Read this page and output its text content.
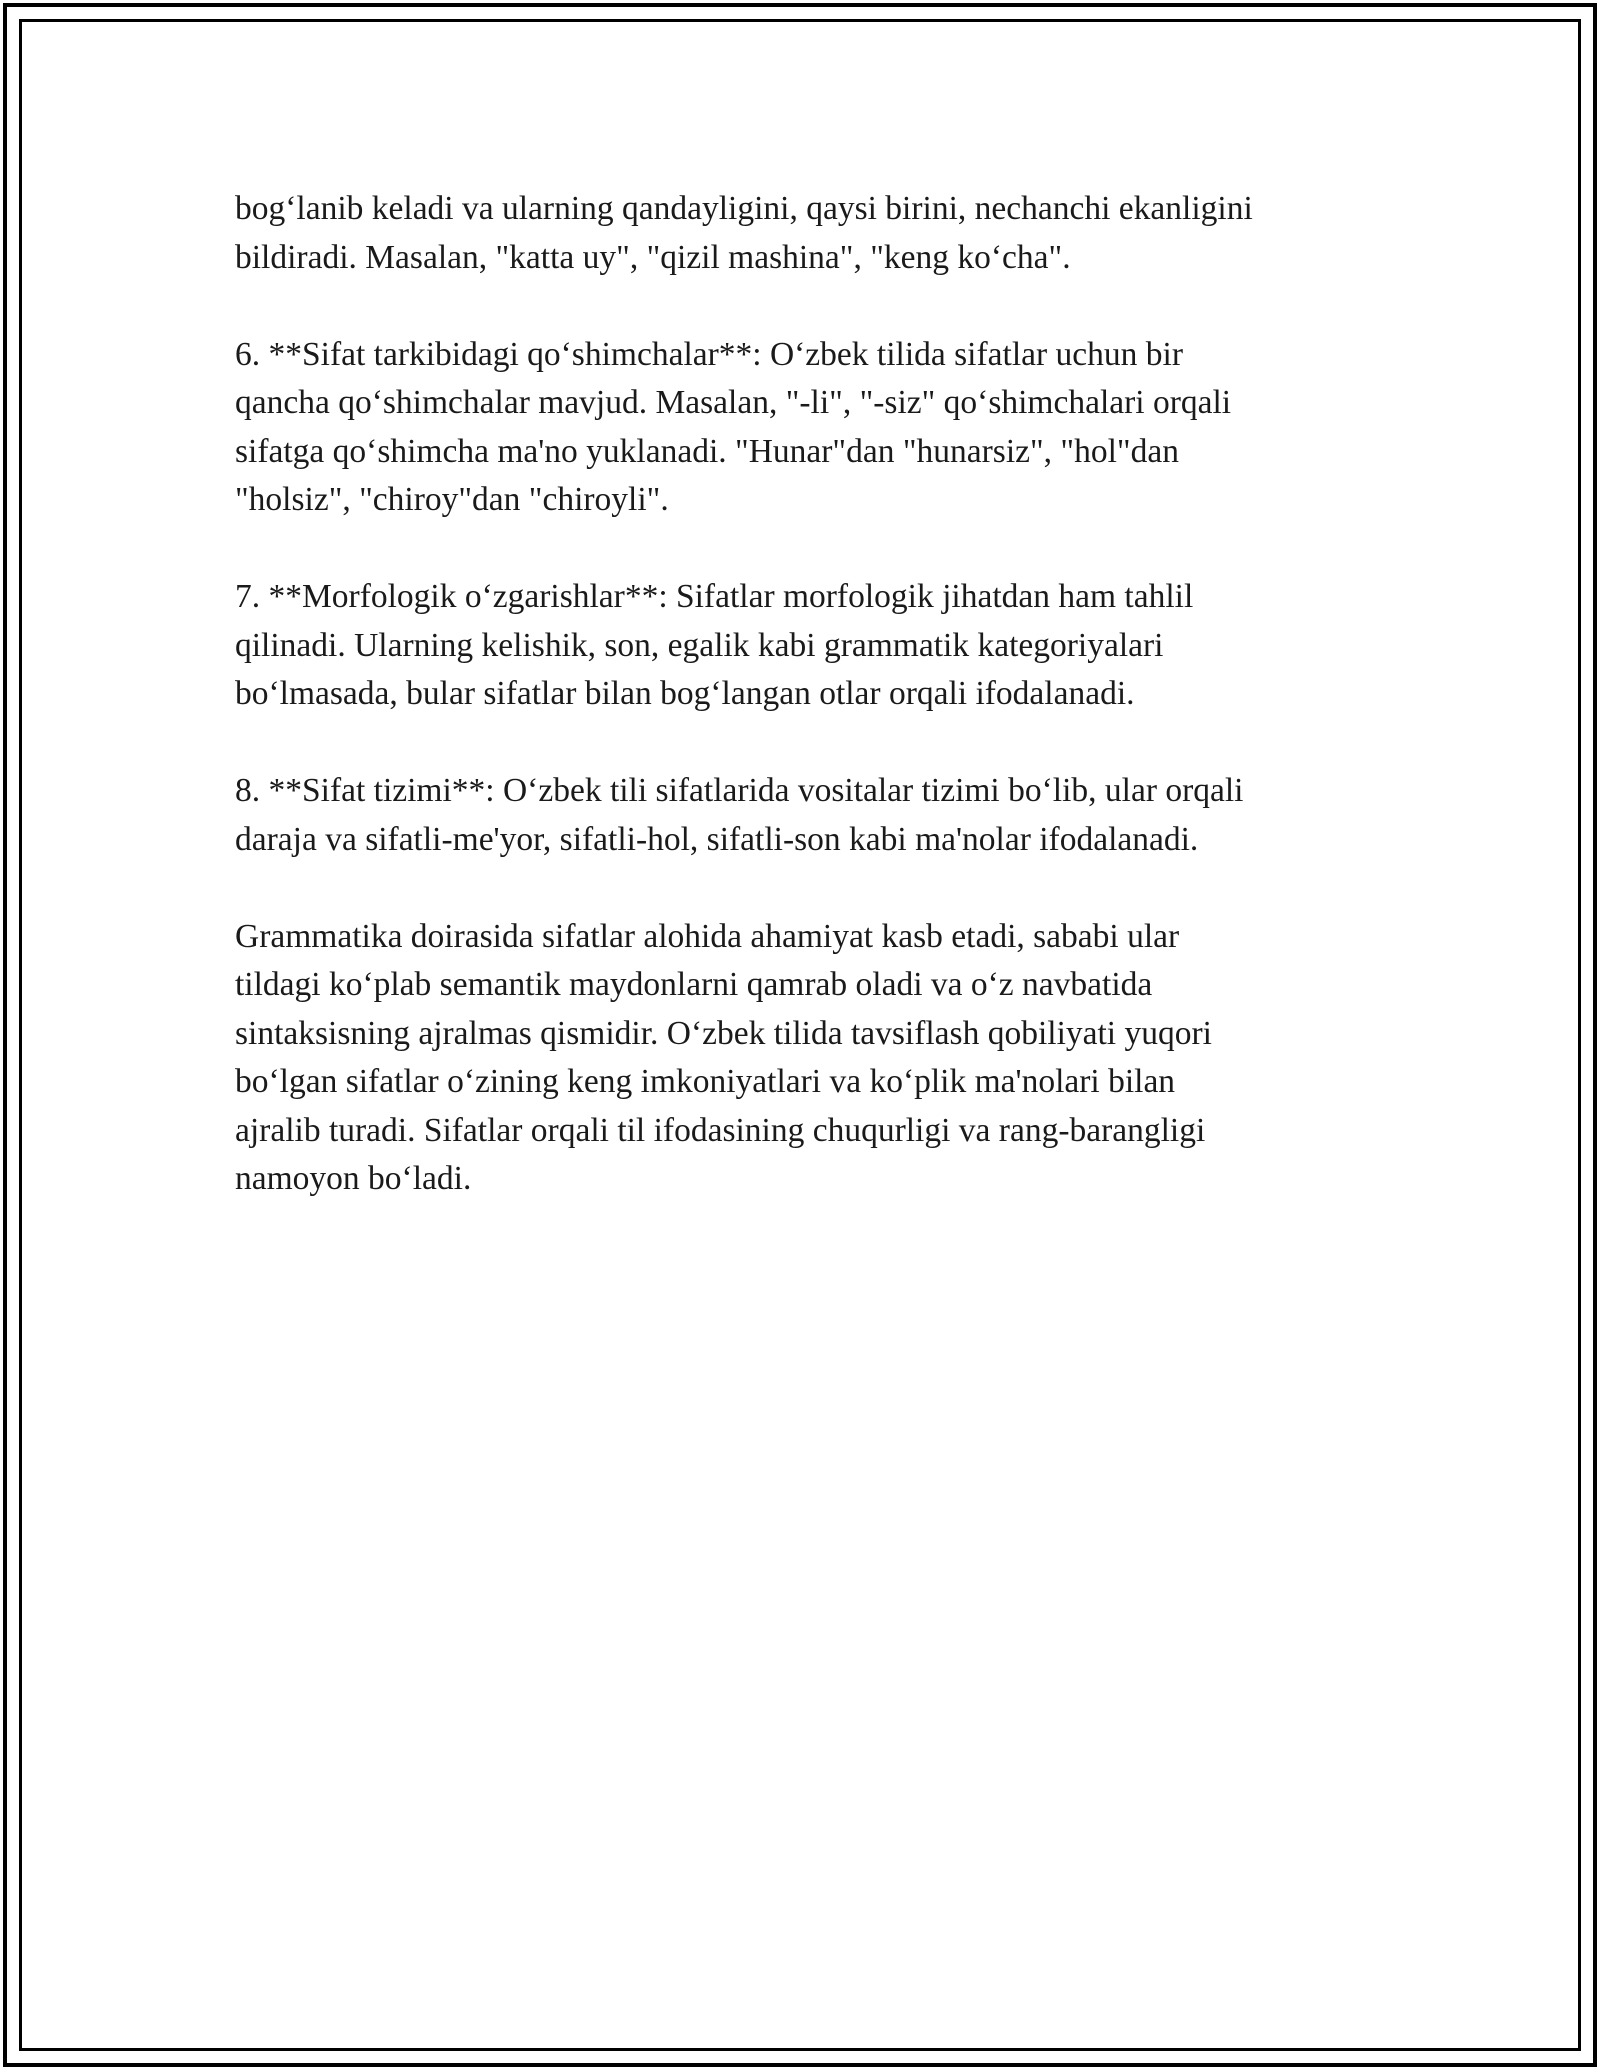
bog‘lanib keladi va ularning qandayligini, qaysi birini, nechanchi ekanligini
bildiradi. Masalan, "katta uy", "qizil mashina", "keng ko‘cha".

6. **Sifat tarkibidagi qo‘shimchalar**: O‘zbek tilida sifatlar uchun bir
qancha qo‘shimchalar mavjud. Masalan, "-li", "-siz" qo‘shimchalari orqali
sifatga qo‘shimcha ma'no yuklanadi. "Hunar"dan "hunarsiz", "hol"dan
"holsiz", "chiroy"dan "chiroyli".

7. **Morfologik o‘zgarishlar**: Sifatlar morfologik jihatdan ham tahlil
qilinadi. Ularning kelishik, son, egalik kabi grammatik kategoriyalari
bo‘lmasada, bular sifatlar bilan bog‘langan otlar orqali ifodalanadi.

8. **Sifat tizimi**: O‘zbek tili sifatlarida vositalar tizimi bo‘lib, ular orqali
daraja va sifatli-me'yor, sifatli-hol, sifatli-son kabi ma'nolar ifodalanadi.

Grammatika doirasida sifatlar alohida ahamiyat kasb etadi, sababi ular
tildagi ko‘plab semantik maydonlarni qamrab oladi va o‘z navbatida
sintaksisning ajralmas qismidir. O‘zbek tilida tavsiflash qobiliyati yuqori
bo‘lgan sifatlar o‘zining keng imkoniyatlari va ko‘plik ma'nolari bilan
ajralib turadi. Sifatlar orqali til ifodasining chuqurligi va rang-barangligi
namoyon bo‘ladi.
